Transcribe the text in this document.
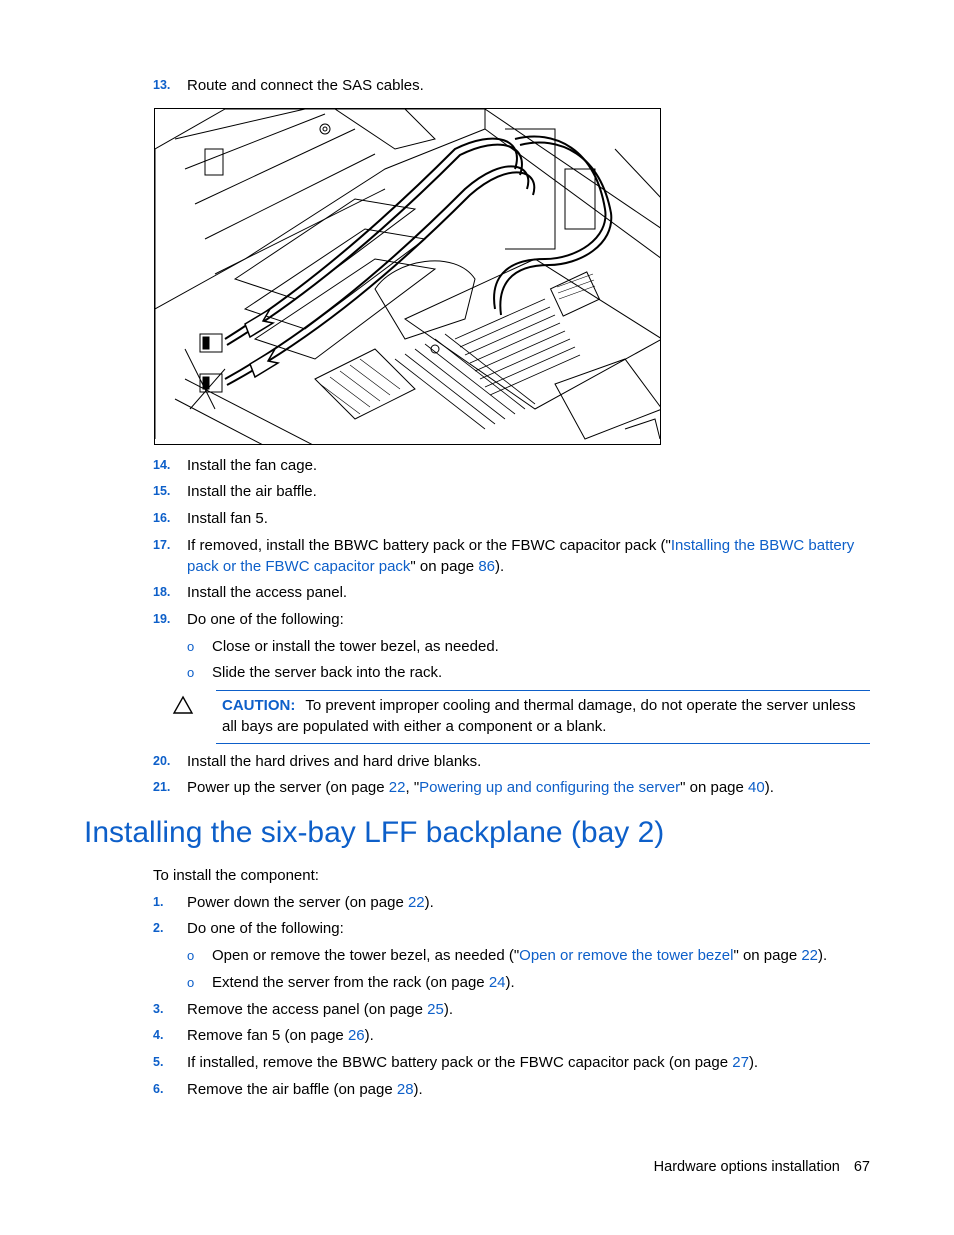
13. Route and connect the SAS cables.
14. Install the fan cage.
15. Install the air baffle.
16. Install fan 5.
17. If removed, install the BBWC battery pack or the FBWC capacitor pack ("Installing the BBWC battery pack or the FBWC capacitor pack" on page 86).
18. Install the access panel.
19. Do one of the following:
o Close or install the tower bezel, as needed.
o Slide the server back into the rack.
CAUTION: To prevent improper cooling and thermal damage, do not operate the server unless all bays are populated with either a component or a blank.
20. Install the hard drives and hard drive blanks.
21. Power up the server (on page 22, "Powering up and configuring the server" on page 40).
Installing the six-bay LFF backplane (bay 2)
To install the component:
1. Power down the server (on page 22).
2. Do one of the following:
o Open or remove the tower bezel, as needed ("Open or remove the tower bezel" on page 22).
o Extend the server from the rack (on page 24).
3. Remove the access panel (on page 25).
4. Remove fan 5 (on page 26).
5. If installed, remove the BBWC battery pack or the FBWC capacitor pack (on page 27).
6. Remove the air baffle (on page 28).
Hardware options installation 67
